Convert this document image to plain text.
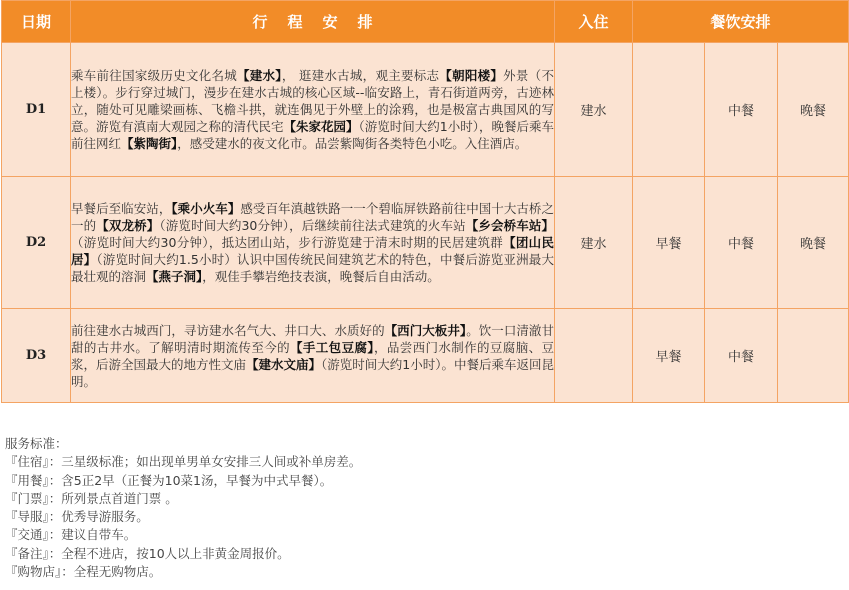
日期	行程安排	入住	餐饮安排		
D1	乘车前往国家级历史文化名城【建水】， 逛建水古城，观主要标志【朝阳楼】外景（不上楼）。步行穿过城门，漫步在建水古城的核心区域--临安路上，青石街道两旁，古迹林立，随处可见雕梁画栋、飞檐斗拱，就连偶见于外壁上的涂鸦，也是极富古典国风的写意。游览有滇南大观园之称的清代民宅【朱家花园】（游览时间大约1小时），晚餐后乘车前往网红【紫陶街】，感受建水的夜文化市。品尝紫陶街各类特色小吃。入住酒店。	建水		中餐	晚餐
D2	早餐后至临安站，【乘小火车】感受百年滇越铁路一一个碧临屏铁路前往中国十大古桥之一的【双龙桥】（游览时间大约30分钟），后继续前往法式建筑的火车站【乡会桥车站】（游览时间大约30分钟），抵达团山站，步行游览建于清末时期的民居建筑群【团山民居】（游览时间大约1.5小时）认识中国传统民间建筑艺术的特色，中餐后游览亚洲最大最壮观的溶洞【燕子洞】，观佳手攀岩绝技表演，晚餐后自由活动。	建水	早餐	中餐	晚餐
D3	前往建水古城西门，寻访建水名气大、井口大、水质好的【西门大板井】。饮一口清澈甘甜的古井水。了解明清时期流传至今的【手工包豆腐】，品尝西门水制作的豆腐脑、豆浆，后游全国最大的地方性文庙【建水文庙】（游览时间大约1小时）。中餐后乘车返回昆明。		早餐	中餐	
服务标准：
『住宿』：三星级标准；如出现单男单女安排三人间或补单房差。
『用餐』：含5正2早（正餐为10菜1汤，早餐为中式早餐）。
『门票』：所列景点首道门票 。
『导服』：优秀导游服务。
『交通』：建议自带车。
『备注』：全程不进店，按10人以上非黄金周报价。
『购物店』：全程无购物店。
